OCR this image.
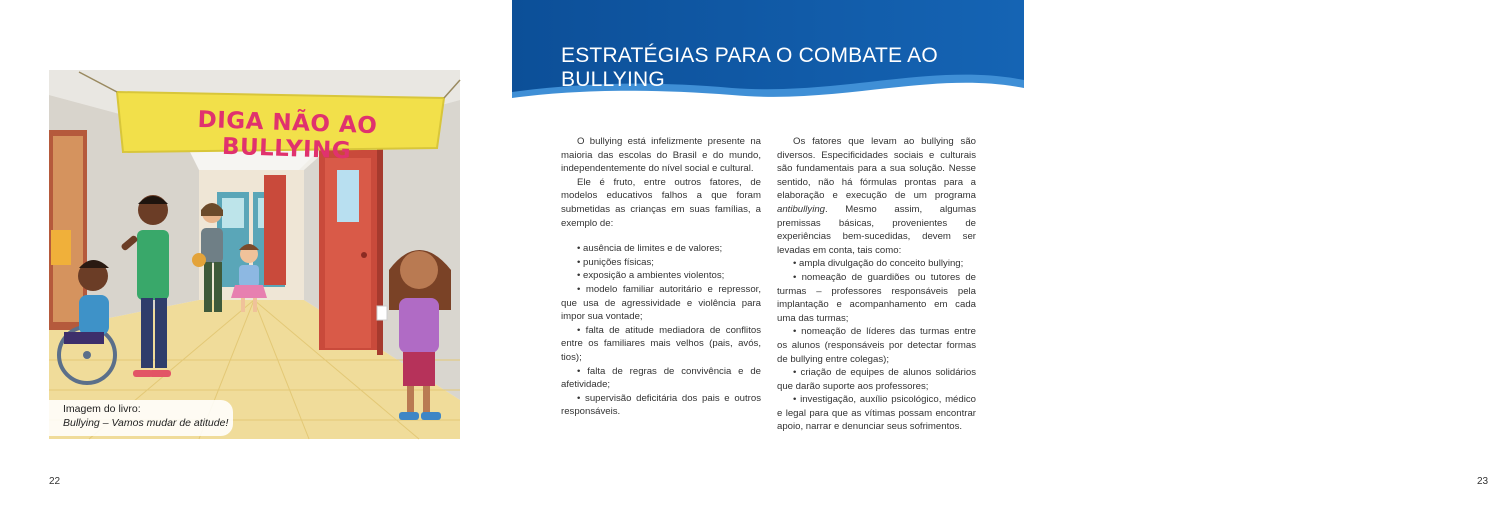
DIGA NÃO AO BULLYING
Imagem do livro:
Bullying – Vamos mudar de atitude!
22
ESTRATÉGIAS PARA O COMBATE AO BULLYING

O bullying está infelizmente presente na maioria das escolas do Brasil e do mundo, independentemente do nível social e cultural.

Ele é fruto, entre outros fatores, de modelos educativos falhos a que foram submetidas as crianças em suas famílias, a exemplo de:

• ausência de limites e de valores;

• punições físicas;

• exposição a ambientes violentos;

• modelo familiar autoritário e repressor, que usa de agressividade e violência para impor sua vontade;

• falta de atitude mediadora de conflitos entre os familiares mais velhos (pais, avós, tios);

• falta de regras de convivência e de afetividade;

• supervisão deficitária dos pais e outros responsáveis.

Os fatores que levam ao bullying são diversos. Especificidades sociais e culturais são fundamentais para a sua solução. Nesse sentido, não há fórmulas prontas para a elaboração e execução de um programa antibullying. Mesmo assim, algumas premissas básicas, provenientes de experiências bem-sucedidas, devem ser levadas em conta, tais como:

• ampla divulgação do conceito bullying;

• nomeação de guardiões ou tutores de turmas – professores responsáveis pela implantação e acompanhamento em cada uma das turmas;

• nomeação de líderes das turmas entre os alunos (responsáveis por detectar formas de bullying entre colegas);

• criação de equipes de alunos solidários que darão suporte aos professores;

• investigação, auxílio psicológico, médico e legal para que as vítimas possam encontrar apoio, narrar e denunciar seus sofrimentos.

23
